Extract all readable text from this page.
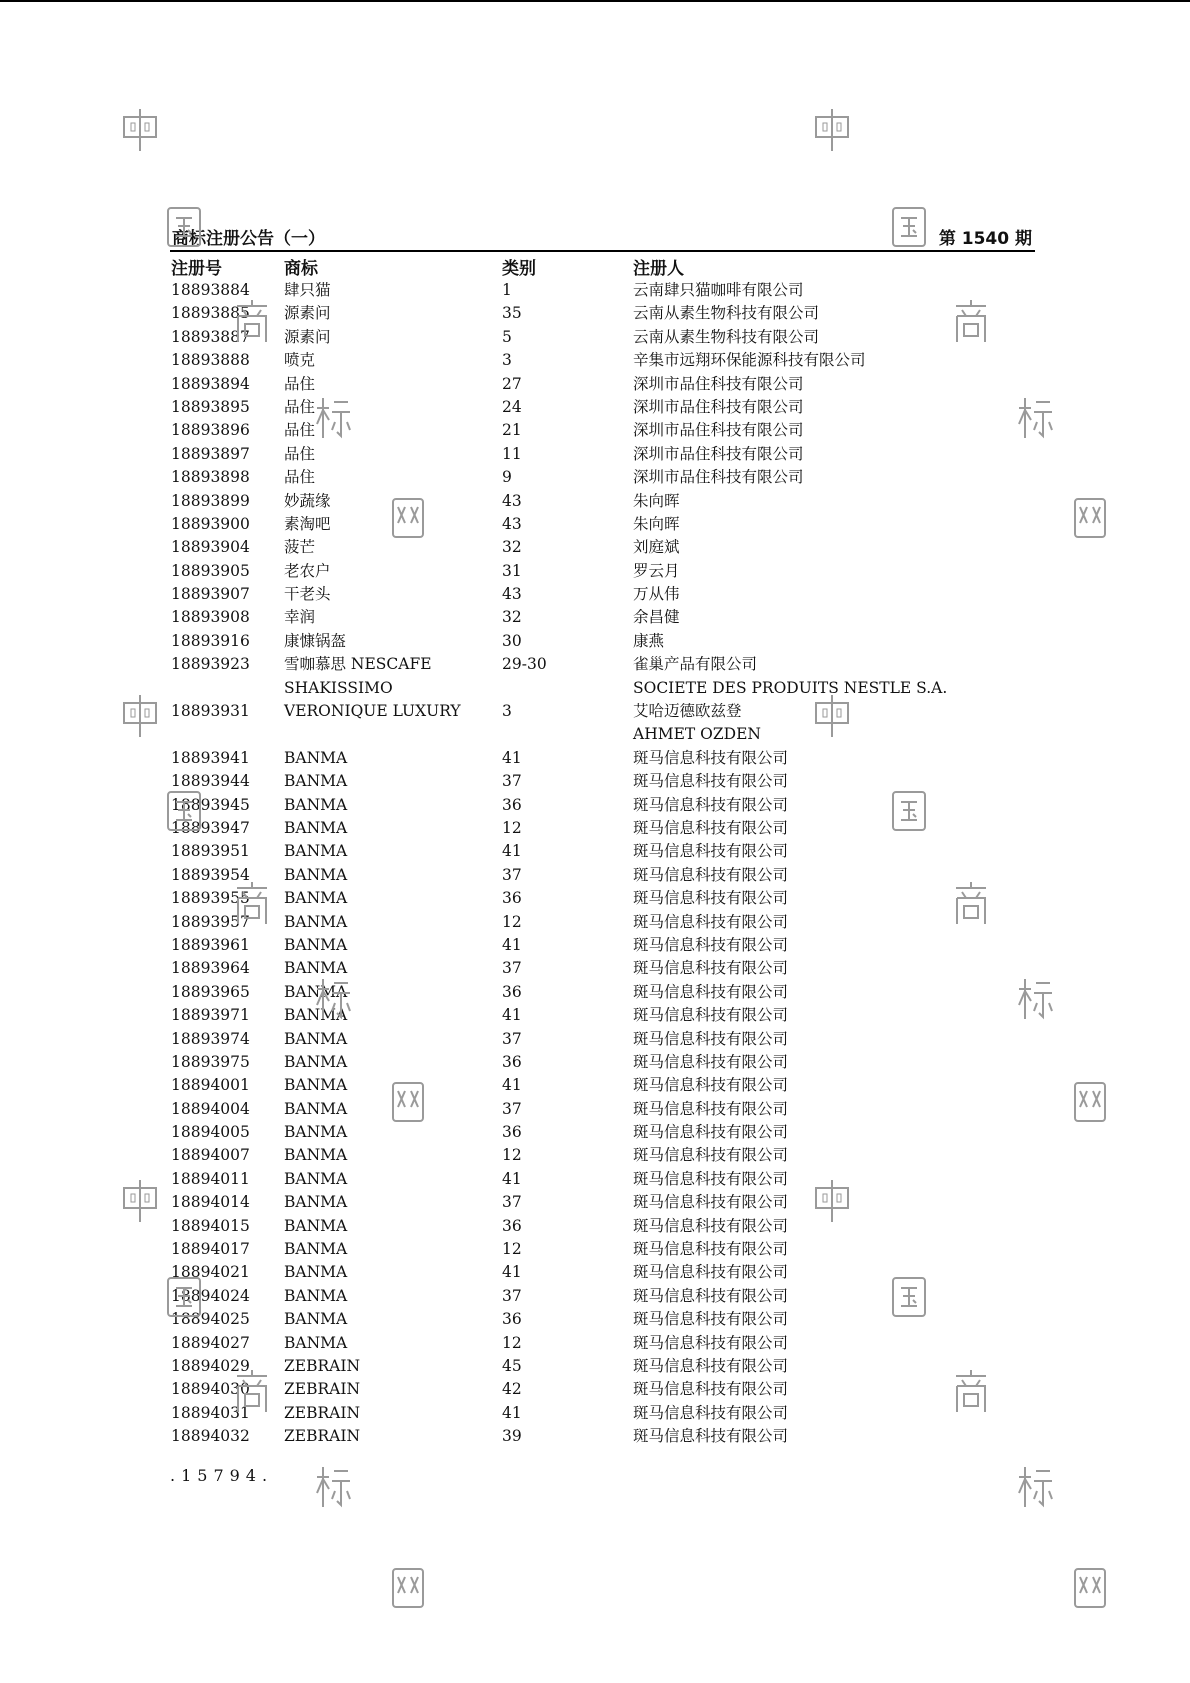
商标注册公告（一）	第 1540 期
注册号	商标	类别	注册人
18893884 肆只猫	1	云南肆只猫咖啡有限公司
18893885 源素问	35	云南从素生物科技有限公司
18893887 源素问	5	云南从素生物科技有限公司
18893888 喷克	3	辛集市远翔环保能源科技有限公司
18893894 品住	27	深圳市品住科技有限公司
18893895 品住	24	深圳市品住科技有限公司
18893896 品住	21	深圳市品住科技有限公司
18893897 品住	11	深圳市品住科技有限公司
18893898 品住	9	深圳市品住科技有限公司
18893899 妙蔬缘	43	朱向晖
18893900 素淘吧	43	朱向晖
18893904 菠芒	32	刘庭斌
18893905 老农户	31	罗云月
18893907 干老头	43	万从伟
18893908 幸润	32	余昌健
18893916 康慷锅盔	30	康燕
18893923 雪咖慕思 NESCAFE	29-30	雀巢产品有限公司
SHAKISSIMO	SOCIETE DES PRODUITS NESTLE S.A.
18893931 VERONIQUE LUXURY	3	艾哈迈德欧兹登
AHMET OZDEN
18893941 BANMA	41	斑马信息科技有限公司
18893944 BANMA	37	斑马信息科技有限公司
18893945 BANMA	36	斑马信息科技有限公司
18893947 BANMA	12	斑马信息科技有限公司
18893951 BANMA	41	斑马信息科技有限公司
18893954 BANMA	37	斑马信息科技有限公司
18893955 BANMA	36	斑马信息科技有限公司
18893957 BANMA	12	斑马信息科技有限公司
18893961 BANMA	41	斑马信息科技有限公司
18893964 BANMA	37	斑马信息科技有限公司
18893965 BANMA	36	斑马信息科技有限公司
18893971 BANMA	41	斑马信息科技有限公司
18893974 BANMA	37	斑马信息科技有限公司
18893975 BANMA	36	斑马信息科技有限公司
18894001 BANMA	41	斑马信息科技有限公司
18894004 BANMA	37	斑马信息科技有限公司
18894005 BANMA	36	斑马信息科技有限公司
18894007 BANMA	12	斑马信息科技有限公司
18894011 BANMA	41	斑马信息科技有限公司
18894014 BANMA	37	斑马信息科技有限公司
18894015 BANMA	36	斑马信息科技有限公司
18894017 BANMA	12	斑马信息科技有限公司
18894021 BANMA	41	斑马信息科技有限公司
18894024 BANMA	37	斑马信息科技有限公司
18894025 BANMA	36	斑马信息科技有限公司
18894027 BANMA	12	斑马信息科技有限公司
18894029 ZEBRAIN	45	斑马信息科技有限公司
18894030 ZEBRAIN	42	斑马信息科技有限公司
18894031 ZEBRAIN	41	斑马信息科技有限公司
18894032 ZEBRAIN	39	斑马信息科技有限公司
.15794.
